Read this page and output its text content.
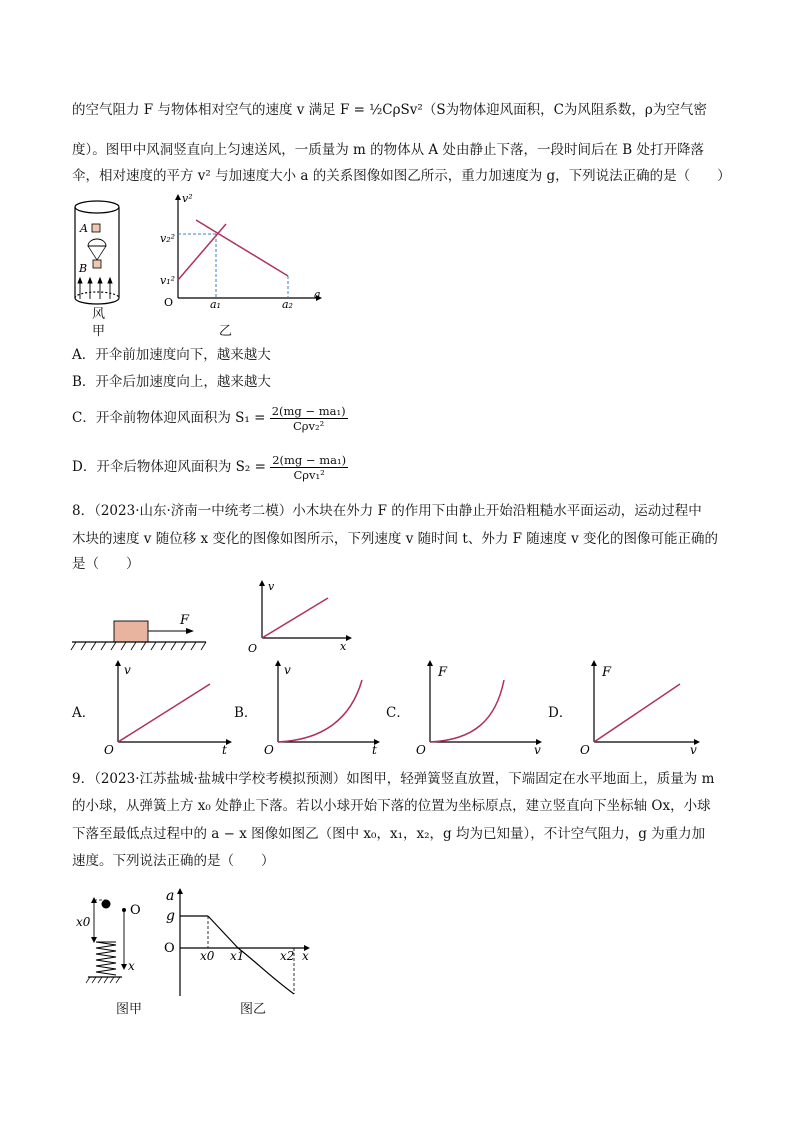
的空气阻力 F 与物体相对空气的速度 v 满足 F = ½CρSv²（S为物体迎风面积，C为风阻系数，ρ为空气密
度）。图甲中风洞竖直向上匀速送风，一质量为 m 的物体从 A 处由静止下落，一段时间后在 B 处打开降落
伞，相对速度的平方 v² 与加速度大小 a 的关系图像如图乙所示，重力加速度为 g，下列说法正确的是（　　）
A
B
风
甲
v²
v₂²
v₁²
O	a₁	a₂
a
乙
A．开伞前加速度向下，越来越大
B．开伞后加速度向上，越来越大
C．开伞前物体迎风面积为 $S_1 = \frac{\text{2(mg − ma₁)}}{\text{Cρv₂²}}$
D．开伞后物体迎风面积为 $S_2 = \frac{\text{2(mg − ma₁)}}{\text{Cρv₁²}}$
8．（2023·山东·济南一中统考二模）小木块在外力 F 的作用下由静止开始沿粗糙水平面运动，运动过程中
木块的速度 v 随位移 x 变化的图像如图所示，下列速度 v 随时间 t、外力 F 随速度 v 变化的图像可能正确的
是（　　）
F
v
O	x
A．
v
O	t
B．
v
O	t
C．
F
O	v
D．
F
O	v
9．（2023·江苏盐城·盐城中学校考模拟预测）如图甲，轻弹簧竖直放置，下端固定在水平地面上，质量为 m
的小球，从弹簧上方 x₀ 处静止下落。若以小球开始下落的位置为坐标原点，建立竖直向下坐标轴 Ox，小球
下落至最低点过程中的 a − x 图像如图乙（图中 x₀，x₁，x₂，g 均为已知量），不计空气阻力，g 为重力加
速度。下列说法正确的是（　　）
x0
O
x
图甲
a
g
O x0 x1	x2 x
图乙
